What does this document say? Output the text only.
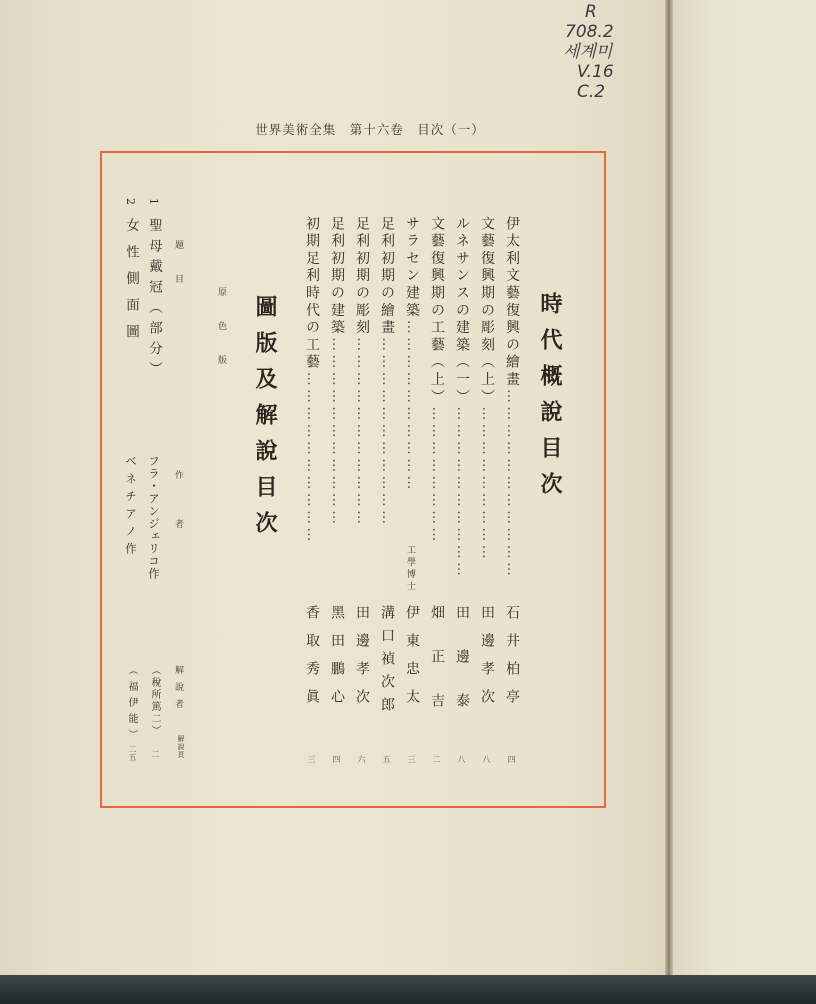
R
708.2
세계미
V.16
C.2
世界美術全集　第十六卷　目次（一）
時代概說目次
伊太利文藝復興の繪畫……………………………
石井柏亭
四
文藝復興期の彫刻（上）………………………
田邊孝次
八
ルネサンスの建築（一）…………………………
田邊泰
八
文藝復興期の工藝（上）……………………
畑正吉
二
サラセン建築…………………………
工學博士
伊東忠太
三
足利初期の繪畫……………………………
溝口禎次郎
五
足利初期の彫刻……………………………
田邊孝次
六
足利初期の建築……………………………
黑田鵬心
四
初期足利時代の工藝…………………………
香取秀眞
三
圖版及解說目次
原色版
題目
作者
解說者
解說頁
1
聖母戴冠（部分）
フラ・アンジェリコ作
（稅所篤二）
二
2
女性側面圖
ベネチアノ作
（福伊能）
二五
